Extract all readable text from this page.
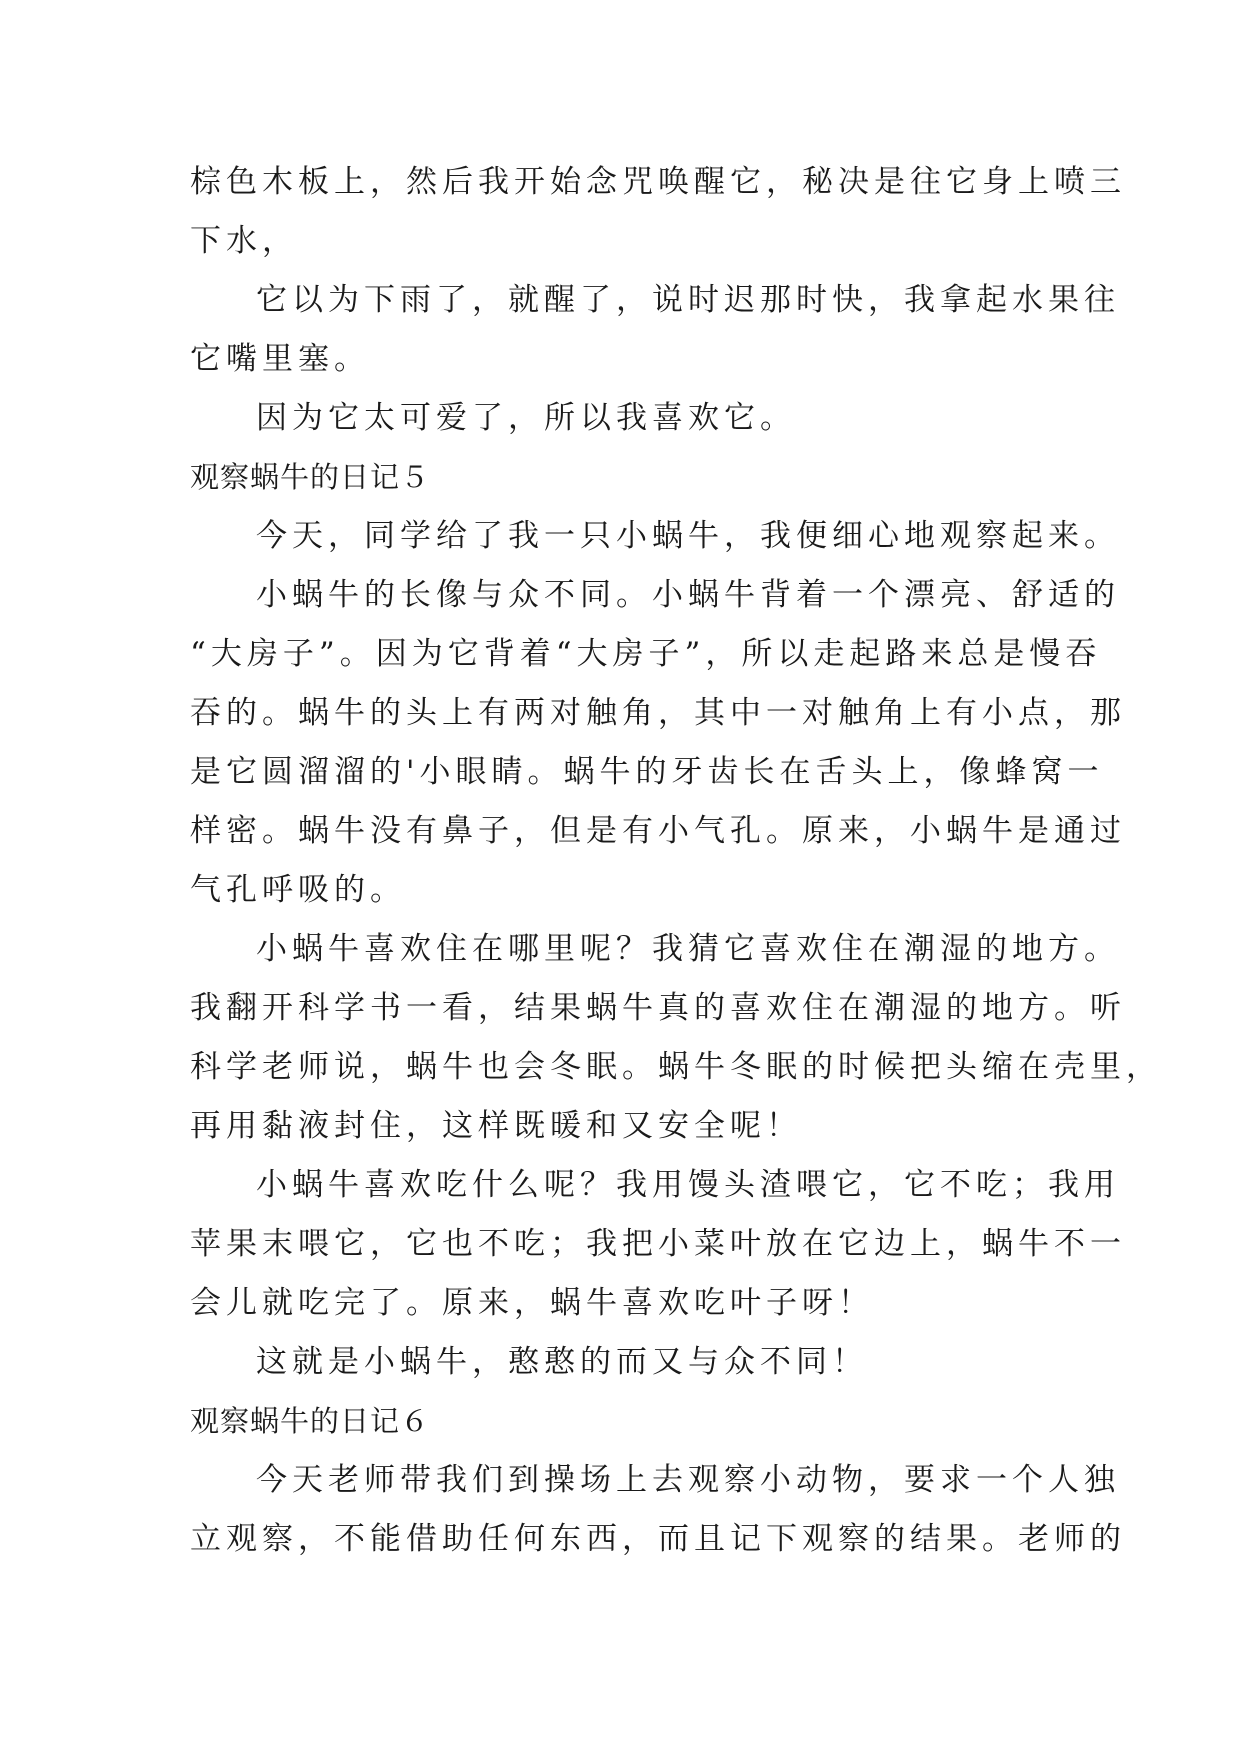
棕色木板上，然后我开始念咒唤醒它，秘决是往它身上喷三
下水，
它以为下雨了，就醒了，说时迟那时快，我拿起水果往
它嘴里塞。
因为它太可爱了，所以我喜欢它。
观察蜗牛的日记５
今天，同学给了我一只小蜗牛，我便细心地观察起来。
小蜗牛的长像与众不同。小蜗牛背着一个漂亮、舒适的
“大房子”。因为它背着“大房子”，所以走起路来总是慢吞
吞的。蜗牛的头上有两对触角，其中一对触角上有小点，那
是它圆溜溜的'小眼睛。蜗牛的牙齿长在舌头上，像蜂窝一
样密。蜗牛没有鼻子，但是有小气孔。原来，小蜗牛是通过
气孔呼吸的。
小蜗牛喜欢住在哪里呢？我猜它喜欢住在潮湿的地方。
我翻开科学书一看，结果蜗牛真的喜欢住在潮湿的地方。听
科学老师说，蜗牛也会冬眠。蜗牛冬眠的时候把头缩在壳里，
再用黏液封住，这样既暖和又安全呢！
小蜗牛喜欢吃什么呢？我用馒头渣喂它，它不吃；我用
苹果末喂它，它也不吃；我把小菜叶放在它边上，蜗牛不一
会儿就吃完了。原来，蜗牛喜欢吃叶子呀！
这就是小蜗牛，憨憨的而又与众不同！
观察蜗牛的日记６
今天老师带我们到操场上去观察小动物，要求一个人独
立观察，不能借助任何东西，而且记下观察的结果。老师的
